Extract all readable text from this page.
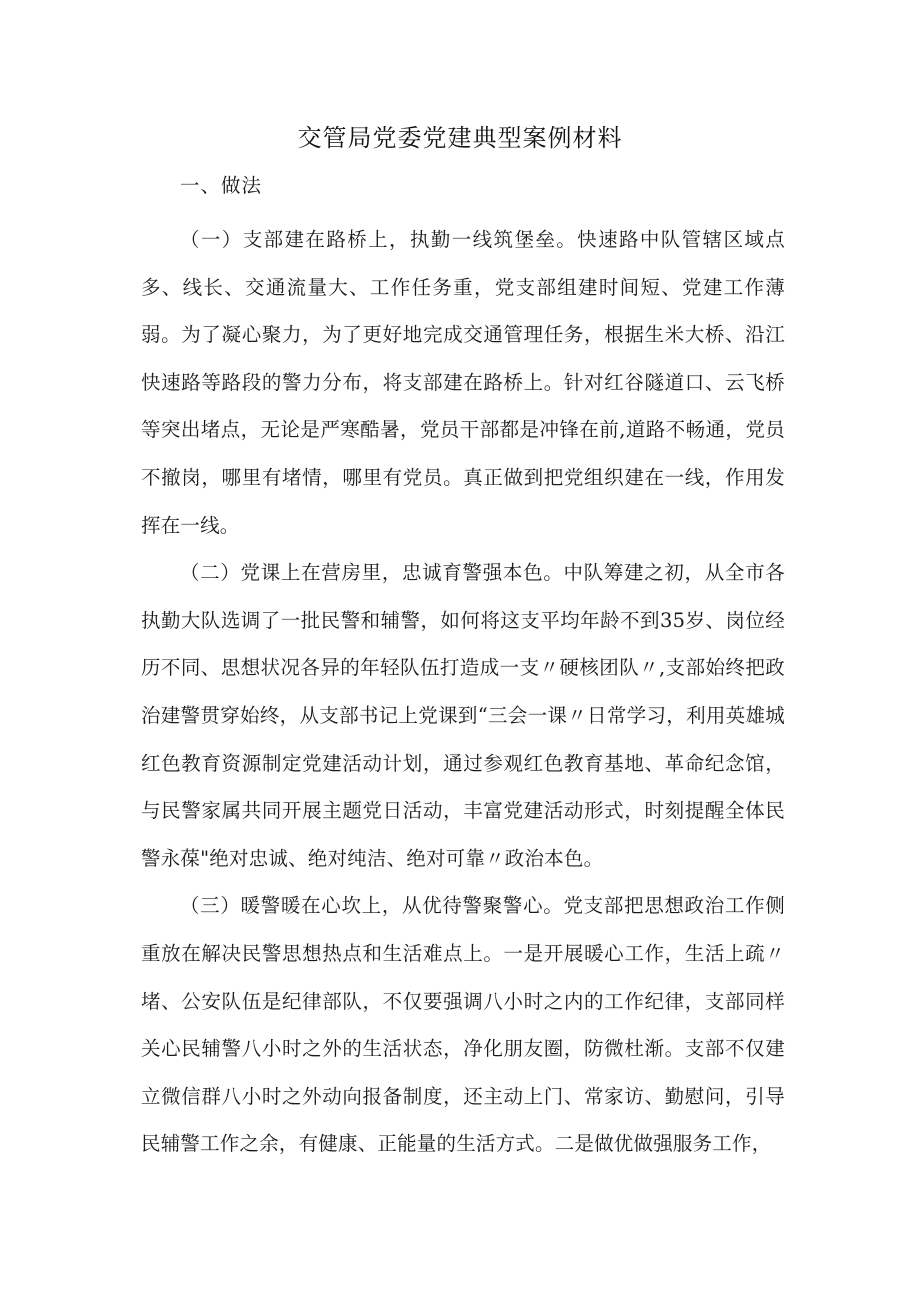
交管局党委党建典型案例材料

一、做法

（一）支部建在路桥上，执勤一线筑堡垒。快速路中队管辖区域点多、线长、交通流量大、工作任务重，党支部组建时间短、党建工作薄弱。为了凝心聚力，为了更好地完成交通管理任务，根据生米大桥、沿江快速路等路段的警力分布，将支部建在路桥上。针对红谷隧道口、云飞桥等突出堵点，无论是严寒酷暑，党员干部都是冲锋在前,道路不畅通，党员不撤岗，哪里有堵情，哪里有党员。真正做到把党组织建在一线，作用发挥在一线。

（二）党课上在营房里，忠诚育警强本色。中队筹建之初，从全市各执勤大队选调了一批民警和辅警，如何将这支平均年龄不到35岁、岗位经历不同、思想状况各异的年轻队伍打造成一支〃硬核团队〃,支部始终把政治建警贯穿始终，从支部书记上党课到“三会一课〃日常学习，利用英雄城红色教育资源制定党建活动计划，通过参观红色教育基地、革命纪念馆，与民警家属共同开展主题党日活动，丰富党建活动形式，时刻提醒全体民警永葆"绝对忠诚、绝对纯洁、绝对可靠〃政治本色。

（三）暖警暖在心坎上，从优待警聚警心。党支部把思想政治工作侧重放在解决民警思想热点和生活难点上。一是开展暖心工作，生活上疏〃堵、公安队伍是纪律部队，不仅要强调八小时之内的工作纪律，支部同样关心民辅警八小时之外的生活状态，净化朋友圈，防微杜渐。支部不仅建立微信群八小时之外动向报备制度，还主动上门、常家访、勤慰问，引导民辅警工作之余，有健康、正能量的生活方式。二是做优做强服务工作，
